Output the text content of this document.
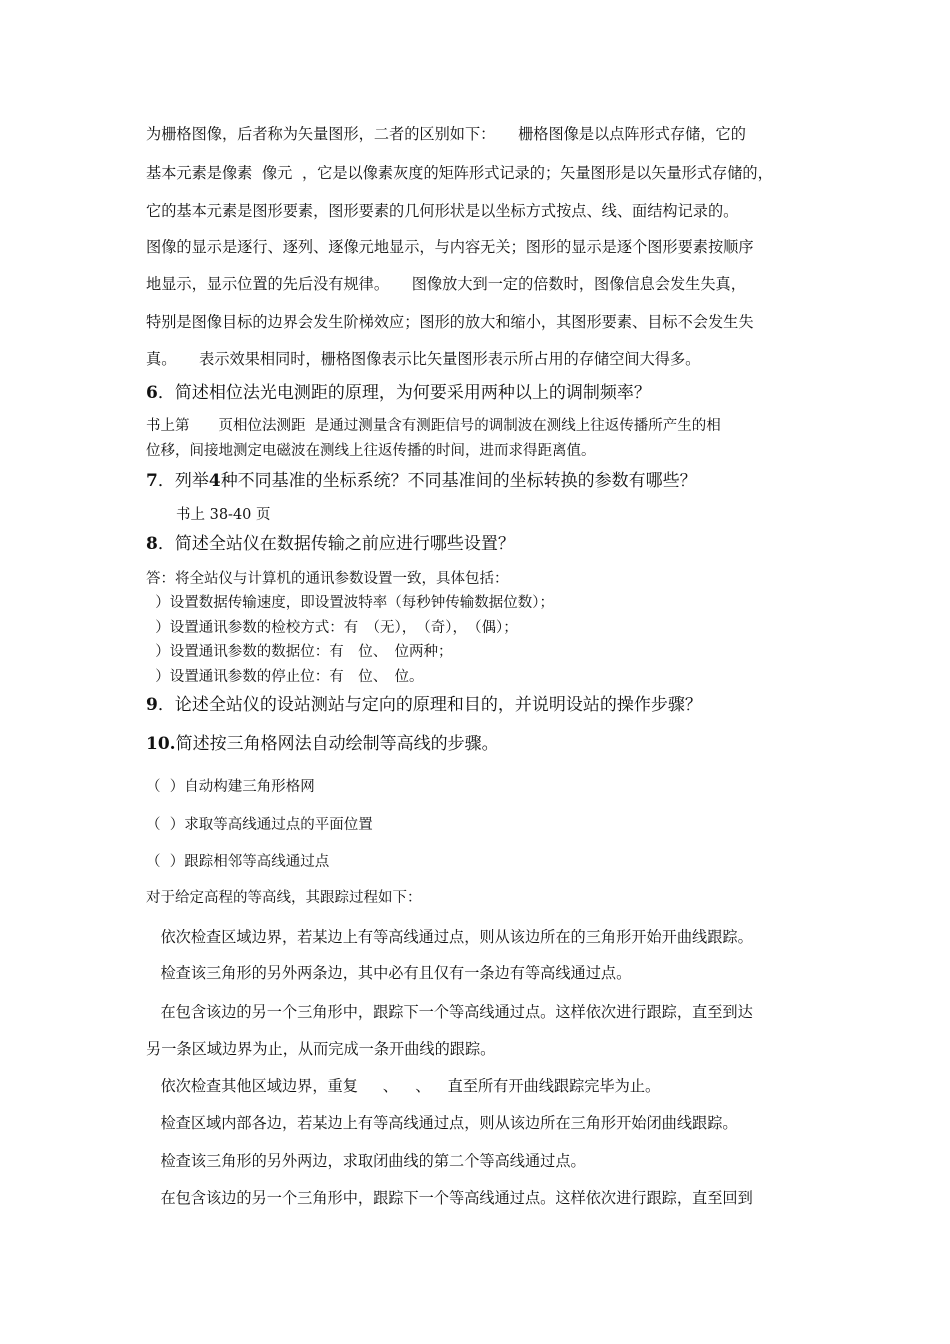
为栅格图像，后者称为矢量图形，二者的区别如下：　　栅格图像是以点阵形式存储，它的
基本元素是像素  像元  ，它是以像素灰度的矩阵形式记录的；矢量图形是以矢量形式存储的，
它的基本元素是图形要素，图形要素的几何形状是以坐标方式按点、线、面结构记录的。
图像的显示是逐行、逐列、逐像元地显示，与内容无关；图形的显示是逐个图形要素按顺序
地显示，显示位置的先后没有规律。　　图像放大到一定的倍数时，图像信息会发生失真，
特别是图像目标的边界会发生阶梯效应；图形的放大和缩小，其图形要素、目标不会发生失
真。　　表示效果相同时，栅格图像表示比矢量图形表示所占用的存储空间大得多。
6．简述相位法光电测距的原理，为何要采用两种以上的调制频率？
书上第　　页相位法测距  是通过测量含有测距信号的调制波在测线上往返传播所产生的相
位移，间接地测定电磁波在测线上往返传播的时间，进而求得距离值。
7．列举4种不同基准的坐标系统？不同基准间的坐标转换的参数有哪些？
书上 38-40 页
8．简述全站仪在数据传输之前应进行哪些设置？
答：将全站仪与计算机的通讯参数设置一致，具体包括：
）设置数据传输速度，即设置波特率（每秒钟传输数据位数）；
）设置通讯参数的检校方式：有　（无），　（奇），　（偶）；
）设置通讯参数的数据位：有　位、　位两种；
）设置通讯参数的停止位：有　位、　位。
9．论述全站仪的设站测站与定向的原理和目的，并说明设站的操作步骤？
10.简述按三角格网法自动绘制等高线的步骤。
（  ）自动构建三角形格网
（  ）求取等高线通过点的平面位置
（  ）跟踪相邻等高线通过点
对于给定高程的等高线，其跟踪过程如下：
依次检查区域边界，若某边上有等高线通过点，则从该边所在的三角形开始开曲线跟踪。
检查该三角形的另外两条边，其中必有且仅有一条边有等高线通过点。
在包含该边的另一个三角形中，跟踪下一个等高线通过点。这样依次进行跟踪，直至到达
另一条区域边界为止，从而完成一条开曲线的跟踪。
依次检查其他区域边界，重复　  、　  、　  直至所有开曲线跟踪完毕为止。
检查区域内部各边，若某边上有等高线通过点，则从该边所在三角形开始闭曲线跟踪。
检查该三角形的另外两边，求取闭曲线的第二个等高线通过点。
在包含该边的另一个三角形中，跟踪下一个等高线通过点。这样依次进行跟踪，直至回到
